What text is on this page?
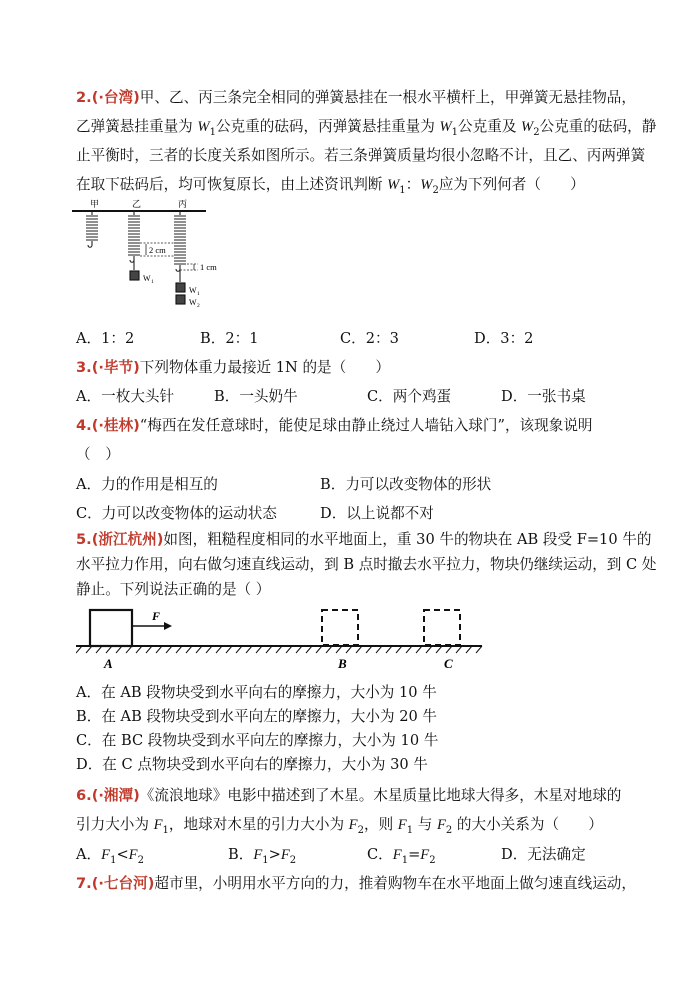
2.(·台湾)甲、乙、丙三条完全相同的弹簧悬挂在一根水平横杆上，甲弹簧无悬挂物品，
乙弹簧悬挂重量为 $W_1$公克重的砝码，丙弹簧悬挂重量为 $W_1$公克重及 $W_2$公克重的砝码，静
止平衡时，三者的长度关系如图所示。若三条弹簧质量均很小忽略不计，且乙、丙两弹簧
在取下砝码后，均可恢复原长，由上述资讯判断 $W_1$：$W_2$应为下列何者（　　）
甲	乙	丙
W 1
W 1
W 2
2 cm
1 cm
A．1：2	B．2：1	C．2：3	D．3：2
3.(·毕节)下列物体重力最接近 1N 的是（　　）
A．一枚大头针	B．一头奶牛	C．两个鸡蛋	D．一张书桌
4.(·桂林)“梅西在发任意球时，能使足球由静止绕过人墙钻入球门”，该现象说明
（　）
A．力的作用是相互的	B．力可以改变物体的形状
C．力可以改变物体的运动状态	D．以上说都不对
5.(浙江杭州)如图，粗糙程度相同的水平地面上，重 30 牛的物块在 AB 段受 F=10 牛的
水平拉力作用，向右做匀速直线运动，到 B 点时撤去水平拉力，物块仍继续运动，到 C 处
静止。下列说法正确的是（ ）
F
A	B	C
A．在 AB 段物块受到水平向右的摩擦力，大小为 10 牛
B．在 AB 段物块受到水平向左的摩擦力，大小为 20 牛
C．在 BC 段物块受到水平向左的摩擦力，大小为 10 牛
D．在 C 点物块受到水平向右的摩擦力，大小为 30 牛
6.(·湘潭)《流浪地球》电影中描述到了木星。木星质量比地球大得多，木星对地球的
引力大小为 $F_1$，地球对木星的引力大小为 $F_2$，则 $F_1$ 与 $F_2$ 的大小关系为（　　）
A．$F_1<F_2$	B．$F_1>F_2$	C．$F_1=F_2$	D．无法确定
7.(·七台河)超市里，小明用水平方向的力，推着购物车在水平地面上做匀速直线运动，
